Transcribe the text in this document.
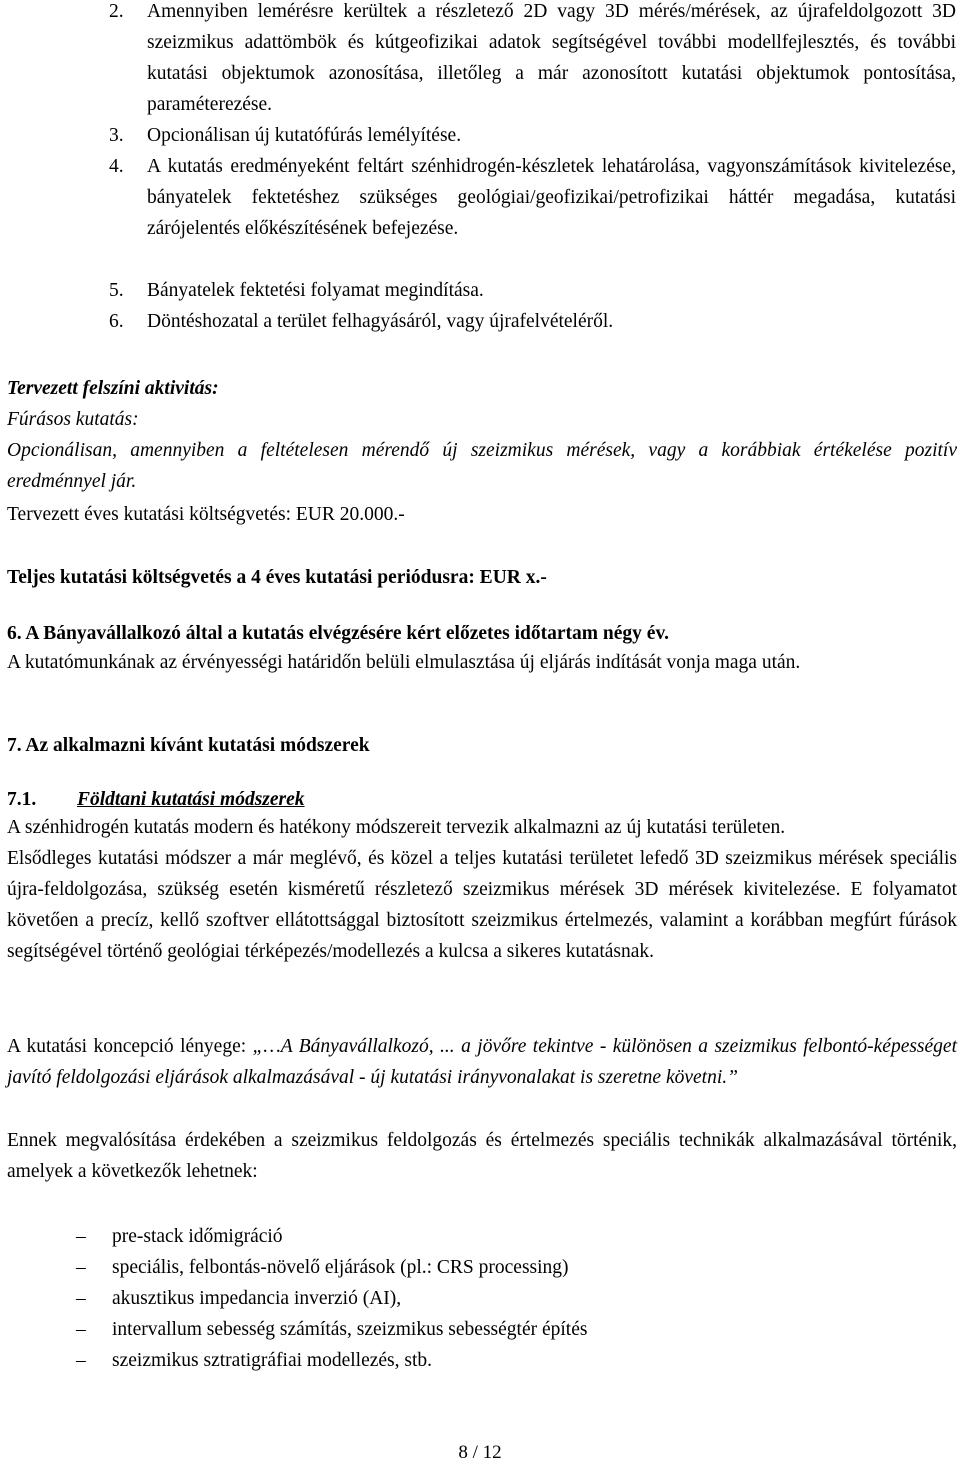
2. Amennyiben lemérésre kerültek a részletező 2D vagy 3D mérés/mérések, az újrafeldolgozott 3D szeizmikus adattömbök és kútgeofizikai adatok segítségével további modellfejlesztés, és további kutatási objektumok azonosítása, illetőleg a már azonosított kutatási objektumok pontosítása, paraméterezése.
3. Opcionálisan új kutatófúrás lemélyítése.
4. A kutatás eredményeként feltárt szénhidrogén-készletek lehatárolása, vagyonszámítások kivitelezése, bányatelek fektetéshez szükséges geológiai/geofizikai/petrofizikai háttér megadása, kutatási zárójelentés előkészítésének befejezése.
5. Bányatelek fektetési folyamat megindítása.
6. Döntéshozatal a terület felhagyásáról, vagy újrafelvételéről.
Tervezett felszíni aktivitás:
Fúrásos kutatás:
Opcionálisan, amennyiben a feltételesen mérendő új szeizmikus mérések, vagy a korábbiak értékelése pozitív eredménnyel jár.
Tervezett éves kutatási költségvetés: EUR 20.000.-
Teljes kutatási költségvetés a 4 éves kutatási periódusra: EUR x.-
6. A Bányavállalkozó által a kutatás elvégzésére kért előzetes időtartam négy év.
A kutatómunkának az érvényességi határidőn belüli elmulasztása új eljárás indítását vonja maga után.
7. Az alkalmazni kívánt kutatási módszerek
7.1. Földtani kutatási módszerek
A szénhidrogén kutatás modern és hatékony módszereit tervezik alkalmazni az új kutatási területen.
Elsődleges kutatási módszer a már meglévő, és közel a teljes kutatási területet lefedő 3D szeizmikus mérések speciális újra-feldolgozása, szükség esetén kisméretű részletező szeizmikus mérések 3D mérések kivitelezése. E folyamatot követően a precíz, kellő szoftver ellátottsággal biztosított szeizmikus értelmezés, valamint a korábban megfúrt fúrások segítségével történő geológiai térképezés/modellezés a kulcsa a sikeres kutatásnak.
A kutatási koncepció lényege: „…A Bányavállalkozó, ... a jövőre tekintve - különösen a szeizmikus felbontó-képességet javító feldolgozási eljárások alkalmazásával - új kutatási irányvonalakat is szeretne követni.”
Ennek megvalósítása érdekében a szeizmikus feldolgozás és értelmezés speciális technikák alkalmazásával történik, amelyek a következők lehetnek:
‒ pre-stack időmigráció
‒ speciális, felbontás-növelő eljárások (pl.: CRS processing)
‒ akusztikus impedancia inverzió (AI),
‒ intervallum sebesség számítás, szeizmikus sebességtér építés
‒ szeizmikus sztratigráfiai modellezés, stb.
8 / 12
